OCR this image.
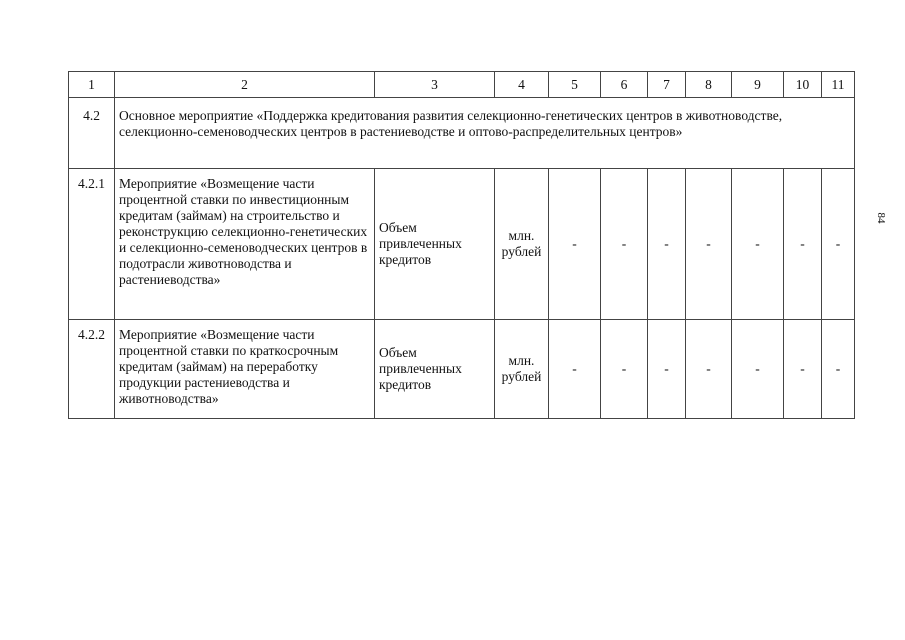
1	2	3	4	5	6	7	8	9	10	11
4.2	Основное мероприятие «Поддержка кредитования развития селекционно-генетических центров в животноводстве, селекционно-семеноводческих центров в растениеводстве и оптово-распределительных центров»									
4.2.1	Мероприятие «Возмещение части процентной ставки по инвестиционным кредитам (займам) на строительство и реконструкцию селекционно-генетических и селекционно-семеноводческих центров в подотрасли животноводства и растениеводства»	Объем привлеченных кредитов	млн. рублей	-	-	-	-	-	-	-
4.2.2	Мероприятие «Возмещение части процентной ставки по краткосрочным кредитам (займам) на переработку продукции растениеводства и животноводства»	Объем привлеченных кредитов	млн. рублей	-	-	-	-	-	-	-
84
